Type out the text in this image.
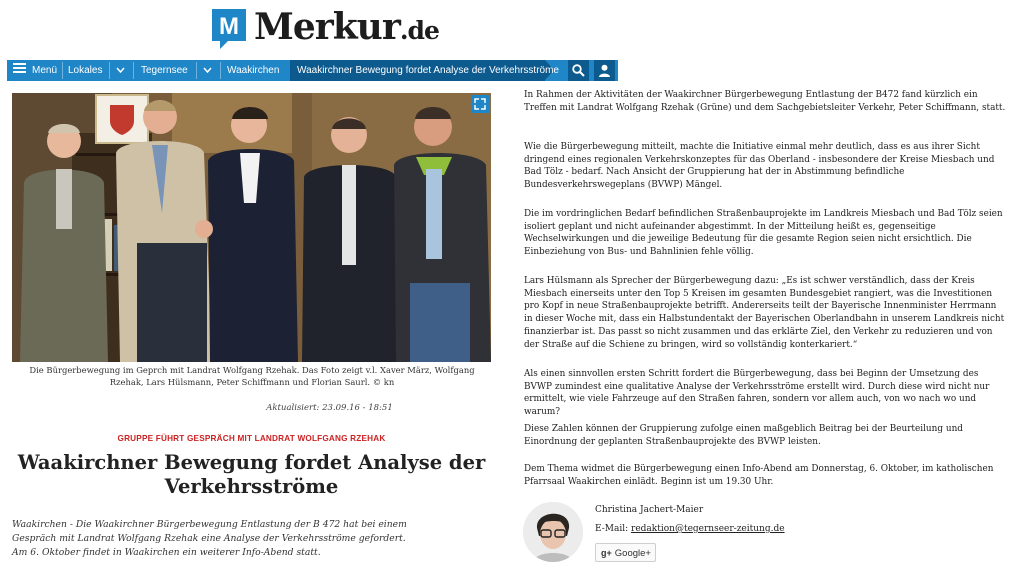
M Merkur.de
Menü Lokales	Tegernsee	Waakirchen Waakirchner Bewegung fordet Analyse der Verkehrsströme
Die Bürgerbewegung im Geprch mit Landrat Wolfgang Rzehak. Das Foto zeigt v.l. Xaver März, Wolfgang Rzehak, Lars Hülsmann, Peter Schiffmann und Florian Saurl. © kn
Aktualisiert: 23.09.16 - 18:51
GRUPPE FÜHRT GESPRÄCH MIT LANDRAT WOLFGANG RZEHAK
Waakirchner Bewegung fordet Analyse der Verkehrsströme
Waakirchen - Die Waakirchner Bürgerbewegung Entlastung der B 472 hat bei einem Gespräch mit Landrat Wolfgang Rzehak eine Analyse der Verkehrsströme gefordert. Am 6. Oktober findet in Waakirchen ein weiterer Info-Abend statt.

In Rahmen der Aktivitäten der Waakirchner Bürgerbewegung Entlastung der B472 fand kürzlich ein Treffen mit Landrat Wolfgang Rzehak (Grüne) und dem Sachgebietsleiter Verkehr, Peter Schiffmann, statt.

Wie die Bürgerbewegung mitteilt, machte die Initiative einmal mehr deutlich, dass es aus ihrer Sicht dringend eines regionalen Verkehrskonzeptes für das Oberland - insbesondere der Kreise Miesbach und Bad Tölz - bedarf. Nach Ansicht der Gruppierung hat der in Abstimmung befindliche Bundesverkehrswegeplans (BVWP) Mängel.

Die im vordringlichen Bedarf befindlichen Straßenbauprojekte im Landkreis Miesbach und Bad Tölz seien isoliert geplant und nicht aufeinander abgestimmt. In der Mitteilung heißt es, gegenseitige Wechselwirkungen und die jeweilige Bedeutung für die gesamte Region seien nicht ersichtlich. Die Einbeziehung von Bus- und Bahnlinien fehle völlig.

Lars Hülsmann als Sprecher der Bürgerbewegung dazu: „Es ist schwer verständlich, dass der Kreis Miesbach einerseits unter den Top 5 Kreisen im gesamten Bundesgebiet rangiert, was die Investitionen pro Kopf in neue Straßenbauprojekte betrifft. Andererseits teilt der Bayerische Innenminister Herrmann in dieser Woche mit, dass ein Halbstundentakt der Bayerischen Oberlandbahn in unserem Landkreis nicht finanzierbar ist. Das passt so nicht zusammen und das erklärte Ziel, den Verkehr zu reduzieren und von der Straße auf die Schiene zu bringen, wird so vollständig konterkariert.“

Als einen sinnvollen ersten Schritt fordert die Bürgerbewegung, dass bei Beginn der Umsetzung des BVWP zumindest eine qualitative Analyse der Verkehrsströme erstellt wird. Durch diese wird nicht nur ermittelt, wie viele Fahrzeuge auf den Straßen fahren, sondern vor allem auch, von wo nach wo und warum?

Diese Zahlen können der Gruppierung zufolge einen maßgeblich Beitrag bei der Beurteilung und Einordnung der geplanten Straßenbauprojekte des BVWP leisten.

Dem Thema widmet die Bürgerbewegung einen Info-Abend am Donnerstag, 6. Oktober, im katholischen Pfarrsaal Waakirchen einlädt. Beginn ist um 19.30 Uhr.

Christina Jachert-Maier
E-Mail: redaktion@tegernseer-zeitung.de
g+ Google+
